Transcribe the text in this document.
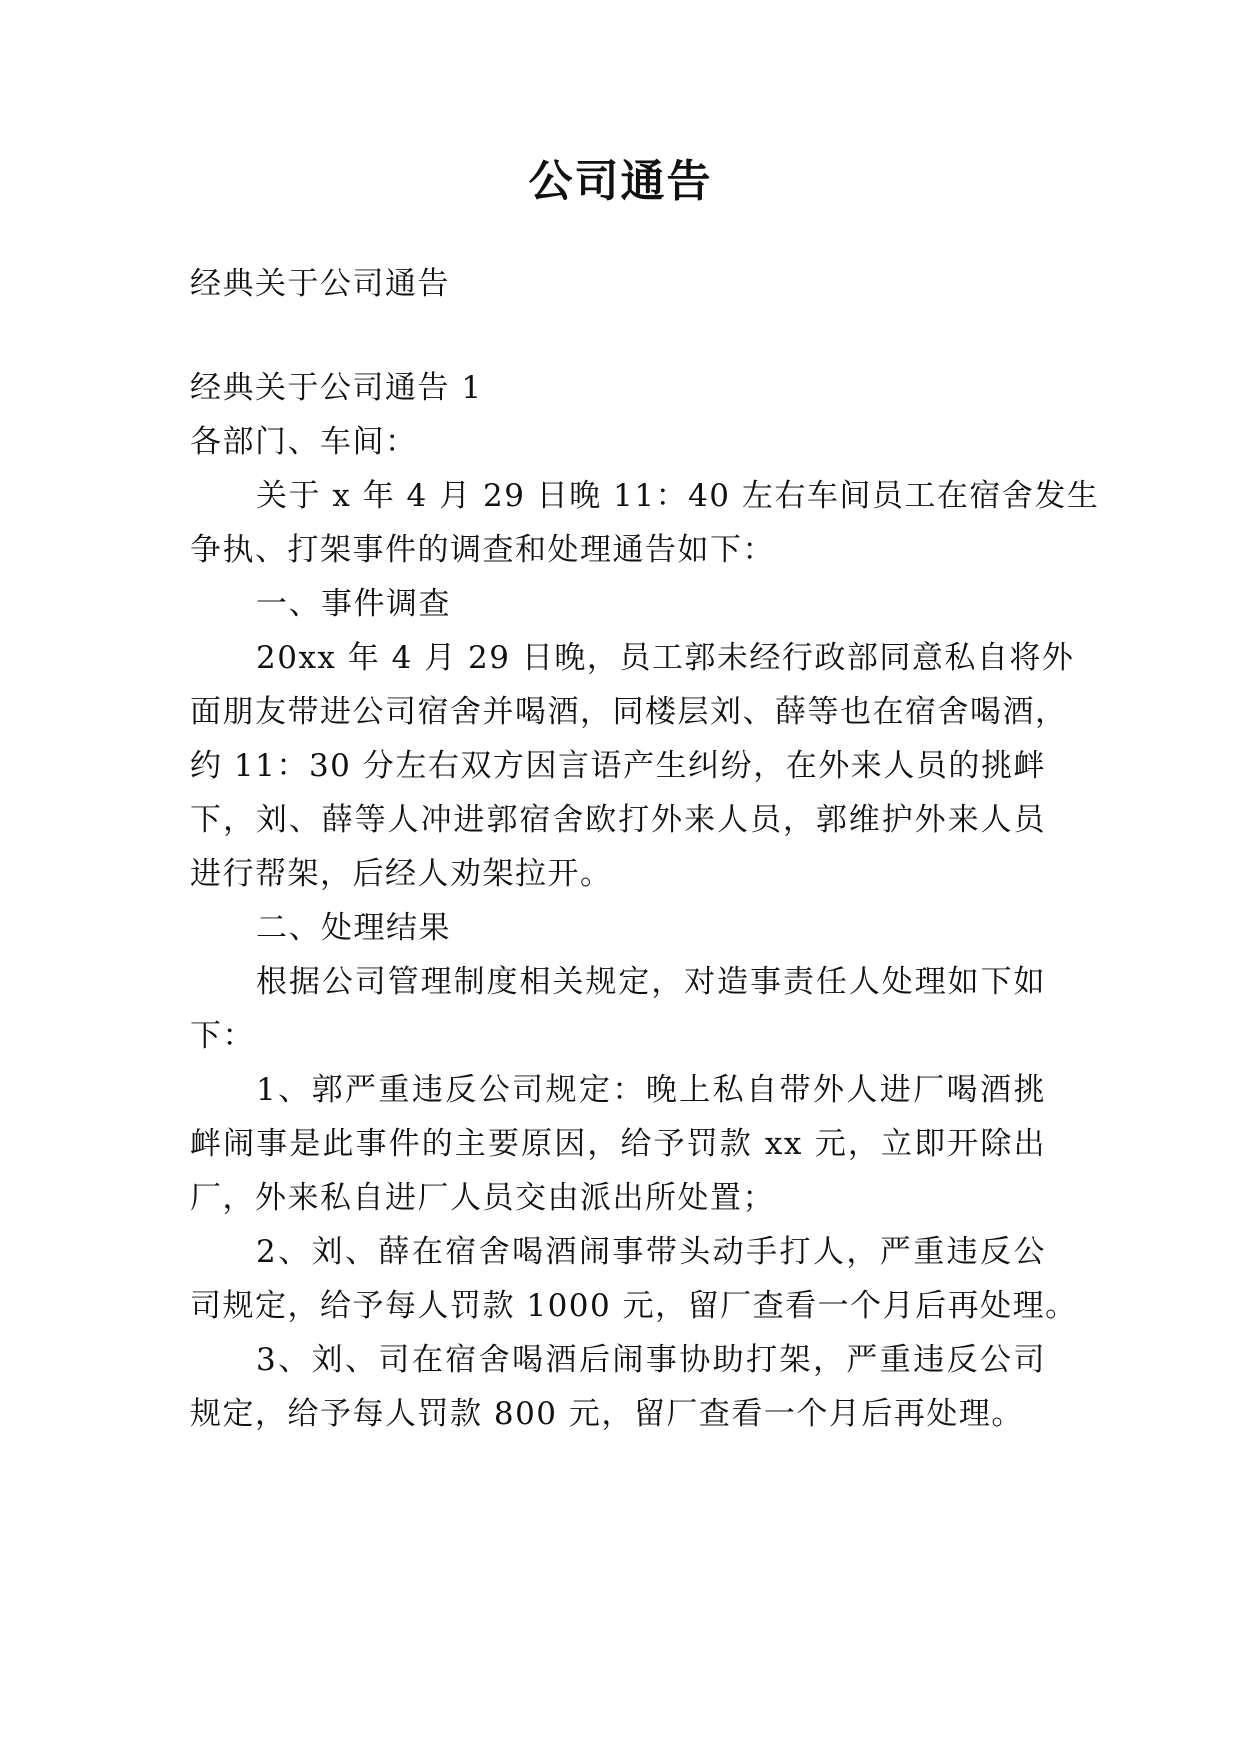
公司通告

经典关于公司通告

经典关于公司通告 1

各部门、车间：

关于 x 年 4 月 29 日晚 11：40 左右车间员工在宿舍发生

争执、打架事件的调查和处理通告如下：

一、事件调查

20xx 年 4 月 29 日晚，员工郭未经行政部同意私自将外

面朋友带进公司宿舍并喝酒，同楼层刘、薛等也在宿舍喝酒，

约 11：30 分左右双方因言语产生纠纷，在外来人员的挑衅

下，刘、薛等人冲进郭宿舍欧打外来人员，郭维护外来人员

进行帮架，后经人劝架拉开。

二、处理结果

根据公司管理制度相关规定，对造事责任人处理如下如

下：

1、郭严重违反公司规定：晚上私自带外人进厂喝酒挑

衅闹事是此事件的主要原因，给予罚款 xx 元，立即开除出

厂，外来私自进厂人员交由派出所处置；

2、刘、薛在宿舍喝酒闹事带头动手打人，严重违反公

司规定，给予每人罚款 1000 元，留厂查看一个月后再处理。

3、刘、司在宿舍喝酒后闹事协助打架，严重违反公司

规定，给予每人罚款 800 元，留厂查看一个月后再处理。
